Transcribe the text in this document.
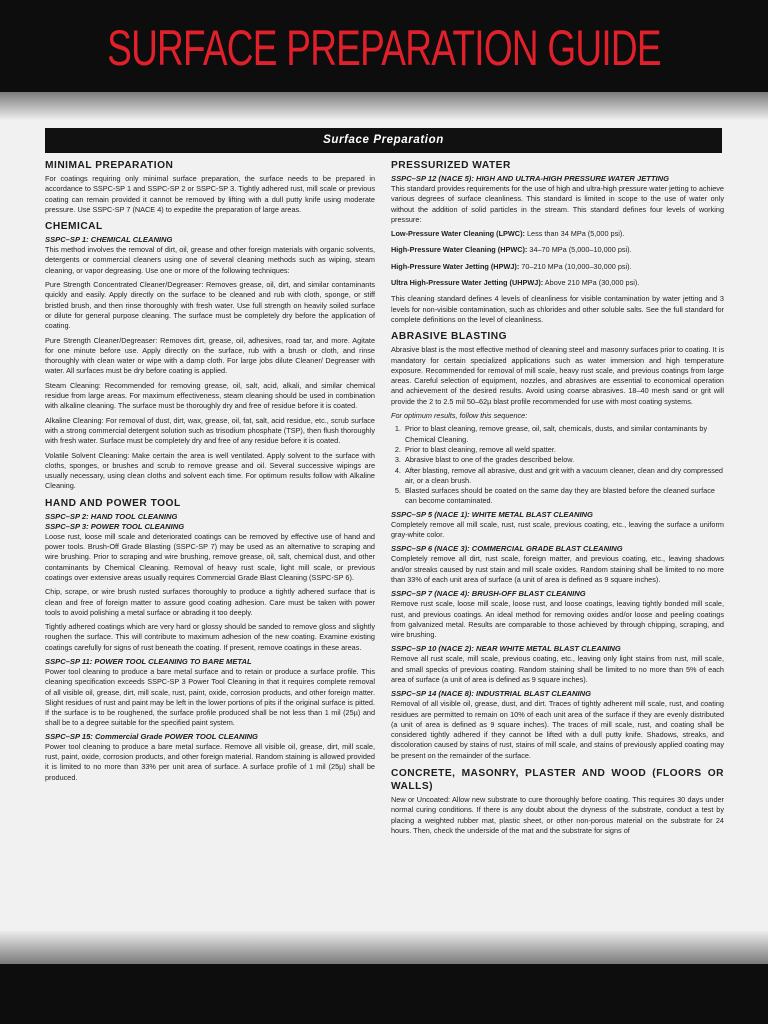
SURFACE PREPARATION GUIDE
Surface Preparation
MINIMAL PREPARATION

For coatings requiring only minimal surface preparation, the surface needs to be prepared in accordance to SSPC-SP 1 and SSPC-SP 2 or SSPC-SP 3. Tightly adhered rust, mill scale or previous coating can remain provided it cannot be removed by lifting with a dull putty knife using moderate pressure. Use SSPC-SP 7 (NACE 4) to expedite the preparation of large areas.

CHEMICAL
SSPC–SP 1: CHEMICAL CLEANING

This method involves the removal of dirt, oil, grease and other foreign materials with organic solvents, detergents or commercial cleaners using one of several cleaning methods such as wiping, steam cleaning, or vapor degreasing. Use one or more of the following techniques:

Pure Strength Concentrated Cleaner/Degreaser: Removes grease, oil, dirt, and similar contaminants quickly and easily. Apply directly on the surface to be cleaned and rub with cloth, sponge, or stiff bristled brush, and then rinse thoroughly with fresh water. Use full strength on heavily soiled surface or dilute for general purpose cleaning. The surface must be completely dry before the application of coating.

Pure Strength Cleaner/Degreaser: Removes dirt, grease, oil, adhesives, road tar, and more. Agitate for one minute before use. Apply directly on the surface, rub with a brush or cloth, and rinse thoroughly with clean water or wipe with a damp cloth. For large jobs dilute Cleaner/ Degreaser with water. All surfaces must be dry before coating is applied.

Steam Cleaning: Recommended for removing grease, oil, salt, acid, alkali, and similar chemical residue from large areas. For maximum effectiveness, steam cleaning should be used in combination with alkaline cleaning. The surface must be thoroughly dry and free of residue before it is coated.

Alkaline Cleaning: For removal of dust, dirt, wax, grease, oil, fat, salt, acid residue, etc., scrub surface with a strong commercial detergent solution such as trisodium phosphate (TSP), then flush thoroughly with fresh water. Surface must be completely dry and free of any residue before it is coated.

Volatile Solvent Cleaning: Make certain the area is well ventilated. Apply solvent to the surface with cloths, sponges, or brushes and scrub to remove grease and oil. Several successive wipings are usually necessary, using clean cloths and solvent each time. For optimum results follow with Alkaline Cleaning.

HAND AND POWER TOOL
SSPC–SP 2: HAND TOOL CLEANING
SSPC–SP 3: POWER TOOL CLEANING

Loose rust, loose mill scale and deteriorated coatings can be removed by effective use of hand and power tools. Brush-Off Grade Blasting (SSPC-SP 7) may be used as an alternative to scraping and wire brushing. Prior to scraping and wire brushing, remove grease, oil, salt, chemical dust, and other contaminants by Chemical Cleaning. Removal of heavy rust scale, light mill scale, or previous coatings over extensive areas usually requires Commercial Grade Blast Cleaning (SSPC-SP 6).

Chip, scrape, or wire brush rusted surfaces thoroughly to produce a tightly adhered surface that is clean and free of foreign matter to assure good coating adhesion. Care must be taken with power tools to avoid polishing a metal surface or abrading it too deeply.

Tightly adhered coatings which are very hard or glossy should be sanded to remove gloss and slightly roughen the surface. This will contribute to maximum adhesion of the new coating. Examine existing coatings carefully for signs of rust beneath the coating. If present, remove coatings in these areas.

SSPC–SP 11: POWER TOOL CLEANING TO BARE METAL

Power tool cleaning to produce a bare metal surface and to retain or produce a surface profile. This cleaning specification exceeds SSPC-SP 3 Power Tool Cleaning in that it requires complete removal of all visible oil, grease, dirt, mill scale, rust, paint, oxide, corrosion products, and other foreign matter. Slight residues of rust and paint may be left in the lower portions of pits if the original surface is pitted. If the surface is to be roughened, the surface profile produced shall be not less than 1 mil (25µ) and shall be to a degree suitable for the specified paint system.

SSPC–SP 15: Commercial Grade POWER TOOL CLEANING

Power tool cleaning to produce a bare metal surface. Remove all visible oil, grease, dirt, mill scale, rust, paint, oxide, corrosion products, and other foreign material. Random staining is allowed provided it is limited to no more than 33% per unit area of surface. A surface profile of 1 mil (25µ) shall be produced.

PRESSURIZED WATER
SSPC–SP 12 (NACE 5): HIGH AND ULTRA-HIGH PRESSURE WATER JETTING

This standard provides requirements for the use of high and ultra-high pressure water jetting to achieve various degrees of surface cleanliness. This standard is limited in scope to the use of water only without the addition of solid particles in the stream. This standard defines four levels of working pressure:

Low-Pressure Water Cleaning (LPWC): Less than 34 MPa (5,000 psi).
High-Pressure Water Cleaning (HPWC): 34–70 MPa (5,000–10,000 psi).
High-Pressure Water Jetting (HPWJ): 70–210 MPa (10,000–30,000 psi).
Ultra High-Pressure Water Jetting (UHPWJ): Above 210 MPa (30,000 psi).

This cleaning standard defines 4 levels of cleanliness for visible contamination by water jetting and 3 levels for non-visible contamination, such as chlorides and other soluble salts. See the full standard for complete definitions on the level of cleanliness.

ABRASIVE BLASTING

Abrasive blast is the most effective method of cleaning steel and masonry surfaces prior to coating. It is mandatory for certain specialized applications such as water immersion and high temperature exposure. Recommended for removal of mill scale, heavy rust scale, and previous coatings from large areas. Careful selection of equipment, nozzles, and abrasives are essential to economical operation and achievement of the desired results. Avoid using coarse abrasives. 18–40 mesh sand or grit will provide the 2 to 2.5 mil 50–62µ blast profile recommended for use with most coating systems.

For optimum results, follow this sequence:
1. Prior to blast cleaning, remove grease, oil, salt, chemicals, dusts, and similar contaminants by Chemical Cleaning.
2. Prior to blast cleaning, remove all weld spatter.
3. Abrasive blast to one of the grades described below.
4. After blasting, remove all abrasive, dust and grit with a vacuum cleaner, clean and dry compressed air, or a clean brush.
5. Blasted surfaces should be coated on the same day they are blasted before the cleaned surface can become contaminated.
SSPC–SP 5 (NACE 1): WHITE METAL BLAST CLEANING

Completely remove all mill scale, rust, rust scale, previous coating, etc., leaving the surface a uniform gray-white color.

SSPC–SP 6 (NACE 3): COMMERCIAL GRADE BLAST CLEANING

Completely remove all dirt, rust scale, foreign matter, and previous coating, etc., leaving shadows and/or streaks caused by rust stain and mill scale oxides. Random staining shall be limited to no more than 33% of each unit area of surface (a unit of area is defined as 9 square inches).

SSPC–SP 7 (NACE 4): BRUSH-OFF BLAST CLEANING

Remove rust scale, loose mill scale, loose rust, and loose coatings, leaving tightly bonded mill scale, rust, and previous coatings. An ideal method for removing oxides and/or loose and peeling coatings from galvanized metal. Results are comparable to those achieved by through chipping, scraping, and wire brushing.

SSPC–SP 10 (NACE 2): NEAR WHITE METAL BLAST CLEANING

Remove all rust scale, mill scale, previous coating, etc., leaving only light stains from rust, mill scale, and small specks of previous coating. Random staining shall be limited to no more than 5% of each area of surface (a unit of area is defined as 9 square inches).

SSPC–SP 14 (NACE 8): INDUSTRIAL BLAST CLEANING

Removal of all visible oil, grease, dust, and dirt. Traces of tightly adherent mill scale, rust, and coating residues are permitted to remain on 10% of each unit area of the surface if they are evenly distributed (a unit of area is defined as 9 square inches). The traces of mill scale, rust, and coating shall be considered tightly adhered if they cannot be lifted with a dull putty knife. Shadows, streaks, and discoloration caused by stains of rust, stains of mill scale, and stains of previously applied coating may be present on the remainder of the surface.

CONCRETE, MASONRY, PLASTER AND WOOD (FLOORS OR WALLS)

New or Uncoated: Allow new substrate to cure thoroughly before coating. This requires 30 days under normal curing conditions. If there is any doubt about the dryness of the substrate, conduct a test by placing a weighted rubber mat, plastic sheet, or other non-porous material on the substrate for 24 hours. Then, check the underside of the mat and the substrate for signs of
